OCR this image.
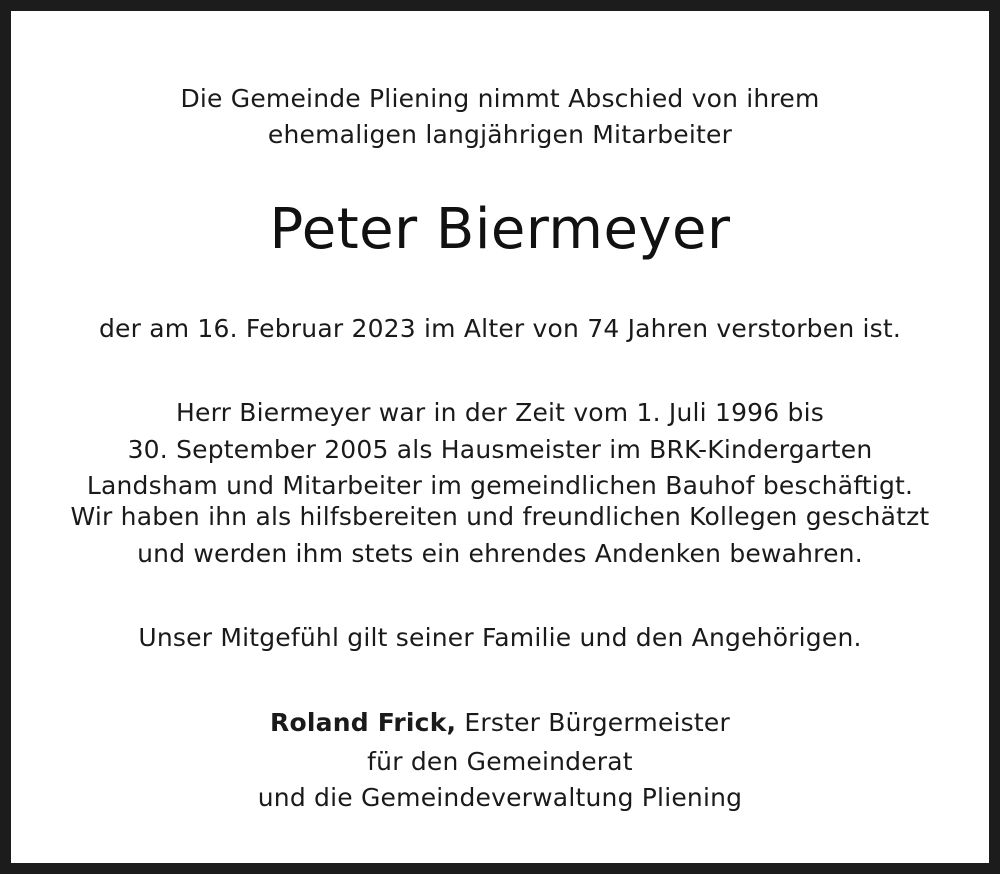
Die Gemeinde Pliening nimmt Abschied von ihrem
ehemaligen langjährigen Mitarbeiter
Peter Biermeyer
der am 16. Februar 2023 im Alter von 74 Jahren verstorben ist.
Herr Biermeyer war in der Zeit vom 1. Juli 1996 bis
30. September 2005 als Hausmeister im BRK-Kindergarten
Landsham und Mitarbeiter im gemeindlichen Bauhof beschäftigt.
Wir haben ihn als hilfsbereiten und freundlichen Kollegen geschätzt
und werden ihm stets ein ehrendes Andenken bewahren.
Unser Mitgefühl gilt seiner Familie und den Angehörigen.
Roland Frick, Erster Bürgermeister
für den Gemeinderat
und die Gemeindeverwaltung Pliening
